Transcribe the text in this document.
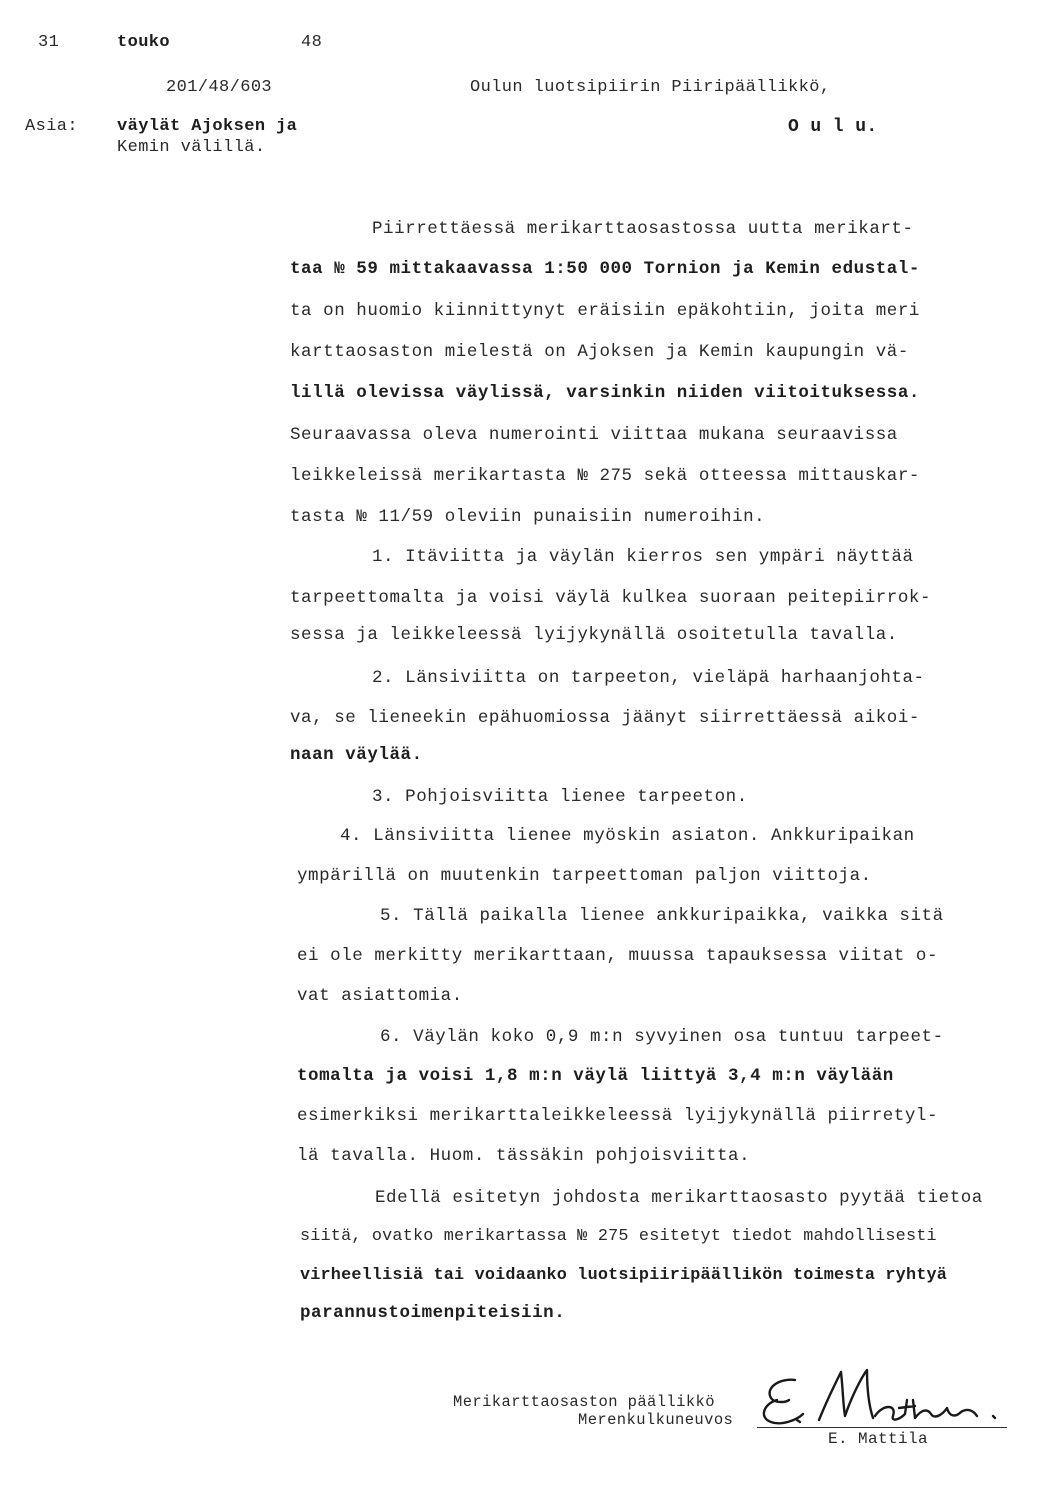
31	touko	48
201/48/603	Oulun luotsipiirin Piiripäällikkö,
Asia: väylät Ajoksen ja
Kemin välillä.
O u l u.
Piirrettäessä merikarttaosastossa uutta merikart-
taa № 59 mittakaavassa 1:50 000 Tornion ja Kemin edustal-
ta on huomio kiinnittynyt eräisiin epäkohtiin, joita meri
karttaosaston mielestä on Ajoksen ja Kemin kaupungin vä-
lillä olevissa väylissä, varsinkin niiden viitoituksessa.
Seuraavassa oleva numerointi viittaa mukana seuraavissa
leikkeleissä merikartasta № 275 sekä otteessa mittauskar-
tasta № 11/59 oleviin punaisiin numeroihin.
1. Itäviitta ja väylän kierros sen ympäri näyttää
tarpeettomalta ja voisi väylä kulkea suoraan peitepiirrok-
sessa ja leikkeleessä lyijykynällä osoitetulla tavalla.
2. Länsiviitta on tarpeeton, vieläpä harhaanjohta-
va, se lieneekin epähuomiossa jäänyt siirrettäessä aikoi-
naan väylää.
3. Pohjoisviitta lienee tarpeeton.
4. Länsiviitta lienee myöskin asiaton. Ankkuripaikan
ympärillä on muutenkin tarpeettoman paljon viittoja.
5. Tällä paikalla lienee ankkuripaikka, vaikka sitä
ei ole merkitty merikarttaan, muussa tapauksessa viitat o-
vat asiattomia.
6. Väylän koko 0,9 m:n syvyinen osa tuntuu tarpeet-
tomalta ja voisi 1,8 m:n väylä liittyä 3,4 m:n väylään
esimerkiksi merikarttaleikkeleessä lyijykynällä piirretyl-
lä tavalla. Huom. tässäkin pohjoisviitta.
Edellä esitetyn johdosta merikarttaosasto pyytää tietoa
siitä, ovatko merikartassa № 275 esitetyt tiedot mahdollisesti
virheellisiä tai voidaanko luotsipiiripäällikön toimesta ryhtyä
parannustoimenpiteisiin.
Merikarttaosaston päällikkö
Merenkulkuneuvos
E. Mattila
